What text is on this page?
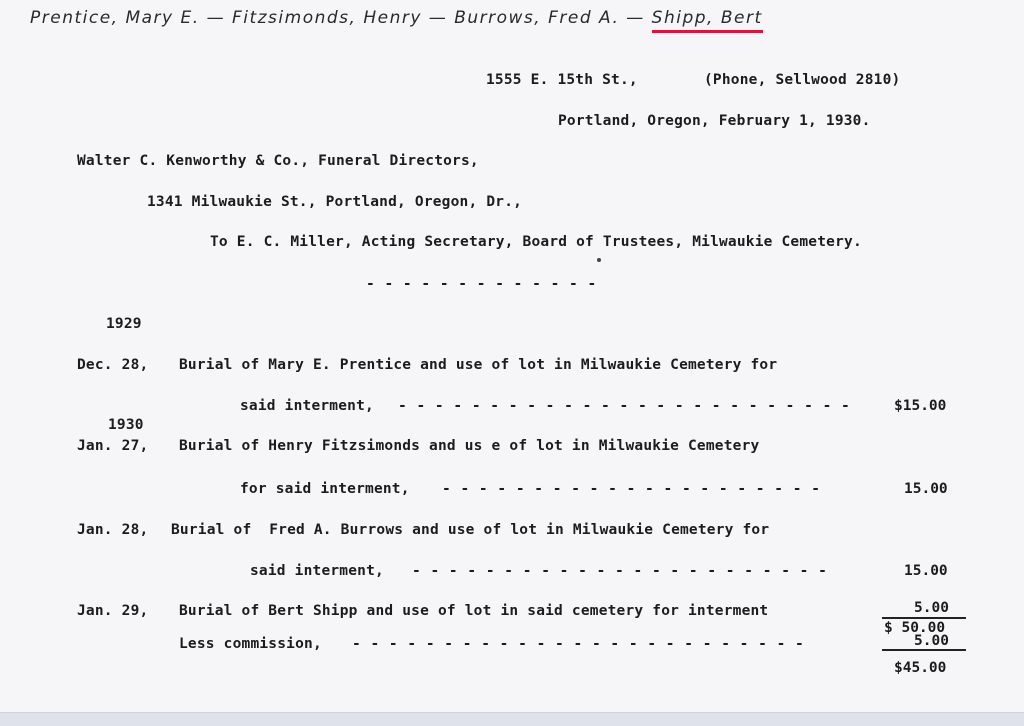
Prentice, Mary E. — Fitzsimonds, Henry — Burrows, Fred A. — Shipp, Bert
1555 E. 15th St.,	(Phone, Sellwood 2810)
Portland, Oregon, February 1, 1930.
Walter C. Kenworthy & Co., Funeral Directors,
1341 Milwaukie St., Portland, Oregon, Dr.,
To E. C. Miller, Acting Secretary, Board of Trustees, Milwaukie Cemetery.
- - - - - - - - - - - - -
1929
Dec. 28, Burial of Mary E. Prentice and use of lot in Milwaukie Cemetery for
said interment, - - - - - - - - - - - - - - - - - - - - - - - - -	$15.00
1930
Jan. 27, Burial of Henry Fitzsimonds and us e of lot in Milwaukie Cemetery
for said interment, - - - - - - - - - - - - - - - - - - - - -	15.00
Jan. 28, Burial of  Fred A. Burrows and use of lot in Milwaukie Cemetery for
said interment, - - - - - - - - - - - - - - - - - - - - - - -	15.00
Jan. 29, Burial of Bert Shipp and use of lot in said cemetery for interment	5.00
$ 50.00
Less commission, - - - - - - - - - - - - - - - - - - - - - - - - -	5.00
$45.00
